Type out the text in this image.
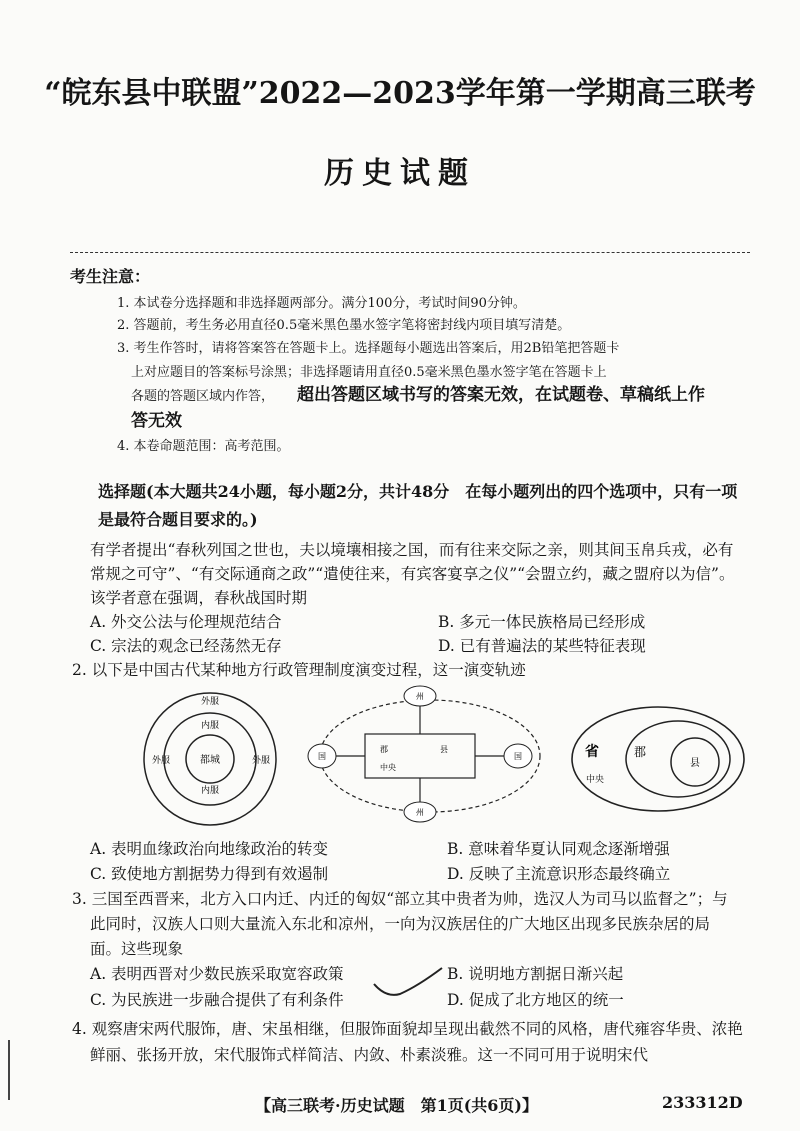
“皖东县中联盟”2022—2023学年第一学期高三联考
历史试题
考生注意：
1. 本试卷分选择题和非选择题两部分。满分100分，考试时间90分钟。
2. 答题前，考生务必用直径0.5毫米黑色墨水签字笔将密封线内项目填写清楚。
3. 考生作答时，请将答案答在答题卡上。选择题每小题选出答案后，用2B铅笔把答题卡
上对应题目的答案标号涂黑；非选择题请用直径0.5毫米黑色墨水签字笔在答题卡上
各题的答题区域内作答， 超出答题区域书写的答案无效，在试题卷、草稿纸上作
答无效
4. 本卷命题范围：高考范围。
选择题(本大题共24小题，每小题2分，共计48分　在每小题列出的四个选项中，只有一项
是最符合题目要求的。)
有学者提出“春秋列国之世也，夫以境壤相接之国，而有往来交际之亲，则其间玉帛兵戎，必有
常规之可守”、“有交际通商之政”“遣使往来，有宾客宴享之仪”“会盟立约，藏之盟府以为信”。
该学者意在强调，春秋战国时期
A. 外交公法与伦理规范结合	B. 多元一体民族格局已经形成
C. 宗法的观念已经荡然无存	D. 已有普遍法的某些特征表现
2. 以下是中国古代某种地方行政管理制度演变过程，这一演变轨迹
都城
内服
内服
外服
外服	外服
州
州
国	国
郡	县
中央
省	郡
县
中央
A. 表明血缘政治向地缘政治的转变	B. 意味着华夏认同观念逐渐增强
C. 致使地方割据势力得到有效遏制	D. 反映了主流意识形态最终确立
3. 三国至西晋来，北方入口内迁、内迁的匈奴“部立其中贵者为帅，选汉人为司马以监督之”；与
此同时，汉族人口则大量流入东北和凉州，一向为汉族居住的广大地区出现多民族杂居的局
面。这些现象
A. 表明西晋对少数民族采取宽容政策	B. 说明地方割据日渐兴起
C. 为民族进一步融合提供了有利条件	D. 促成了北方地区的统一
4. 观察唐宋两代服饰，唐、宋虽相继，但服饰面貌却呈现出截然不同的风格，唐代雍容华贵、浓艳
鲜丽、张扬开放，宋代服饰式样简洁、内敛、朴素淡雅。这一不同可用于说明宋代
【高三联考·历史试题　第1页(共6页)】	233312D
